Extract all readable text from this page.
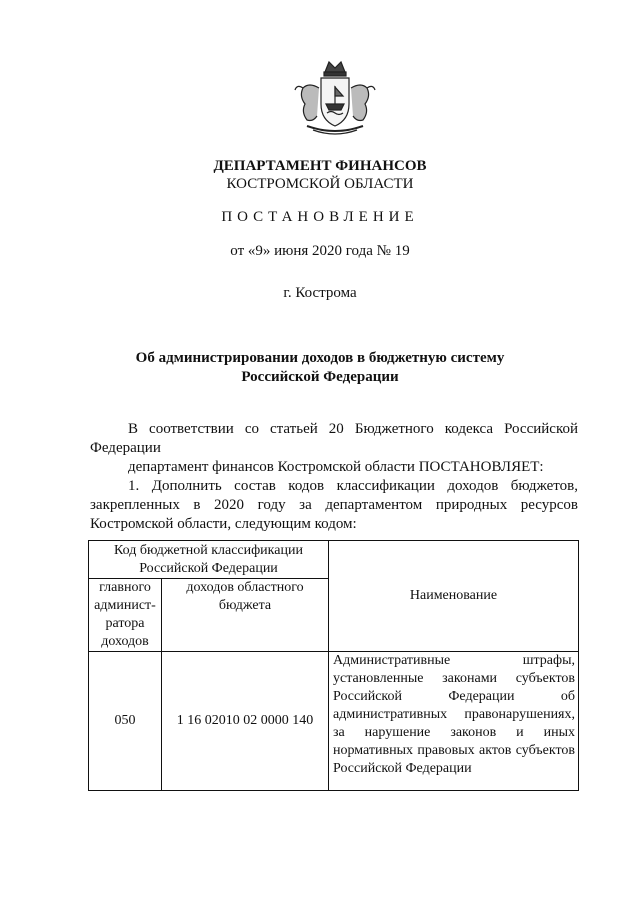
ДЕПАРТАМЕНТ ФИНАНСОВ
КОСТРОМСКОЙ ОБЛАСТИ
ПОСТАНОВЛЕНИЕ
от «9» июня 2020 года № 19
г. Кострома
Об администрировании доходов в бюджетную систему
Российской Федерации

В соответствии со статьей 20 Бюджетного кодекса Российской Федерации

департамент финансов Костромской области ПОСТАНОВЛЯЕТ:

1. Дополнить состав кодов классификации доходов бюджетов, закрепленных в 2020 году за департаментом природных ресурсов Костромской области, следующим кодом:

Код бюджетной классификации Российской Федерации		Наименование
главного админист-ратора доходов	доходов областного бюджета	
050	1 16 02010 02 0000 140	Административные штрафы, установленные законами субъектов Российской Федерации об административных правонарушениях, за нарушение законов и иных нормативных правовых актов субъектов Российской Федерации
